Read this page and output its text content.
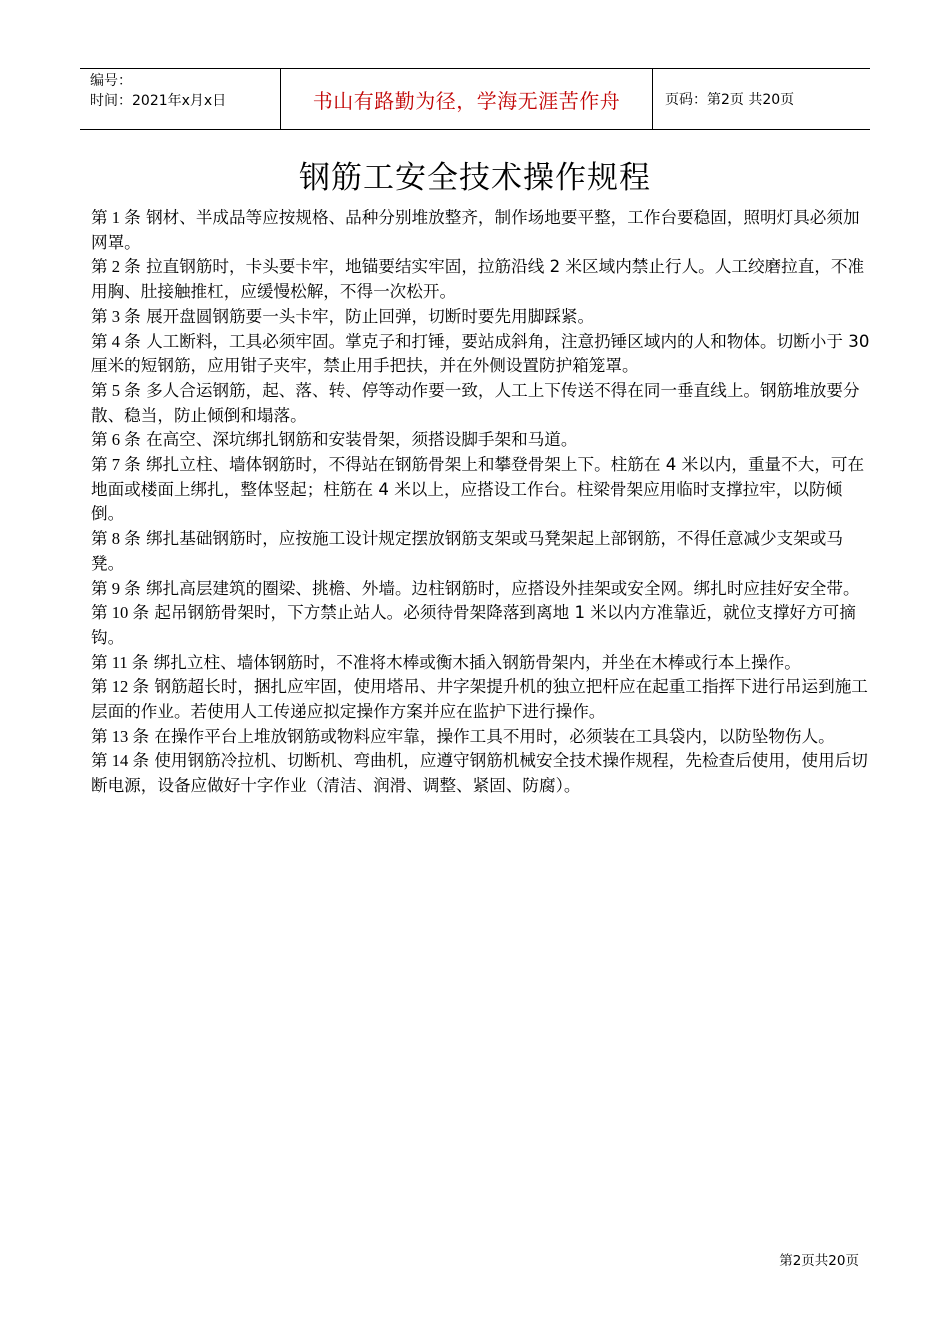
编号：
时间：2021年x月x日	书山有路勤为径，学海无涯苦作舟	页码：第2页 共20页
钢筋工安全技术操作规程

第 1 条 钢材、半成品等应按规格、品种分别堆放整齐，制作场地要平整，工作台要稳固，照明灯具必须加网罩。

第 2 条 拉直钢筋时，卡头要卡牢，地锚要结实牢固，拉筋沿线 2 米区域内禁止行人。人工绞磨拉直，不准用胸、肚接触推杠，应缓慢松解，不得一次松开。

第 3 条 展开盘圆钢筋要一头卡牢，防止回弹，切断时要先用脚踩紧。

第 4 条 人工断料，工具必须牢固。掌克子和打锤，要站成斜角，注意扔锤区域内的人和物体。切断小于 30 厘米的短钢筋，应用钳子夹牢，禁止用手把扶，并在外侧设置防护箱笼罩。

第 5 条 多人合运钢筋，起、落、转、停等动作要一致，人工上下传送不得在同一垂直线上。钢筋堆放要分散、稳当，防止倾倒和塌落。

第 6 条 在高空、深坑绑扎钢筋和安装骨架，须搭设脚手架和马道。

第 7 条 绑扎立柱、墙体钢筋时，不得站在钢筋骨架上和攀登骨架上下。柱筋在 4 米以内，重量不大，可在地面或楼面上绑扎，整体竖起；柱筋在 4 米以上，应搭设工作台。柱梁骨架应用临时支撑拉牢，以防倾倒。

第 8 条 绑扎基础钢筋时，应按施工设计规定摆放钢筋支架或马凳架起上部钢筋，不得任意减少支架或马凳。

第 9 条 绑扎高层建筑的圈梁、挑檐、外墙。边柱钢筋时，应搭设外挂架或安全网。绑扎时应挂好安全带。

第 10 条 起吊钢筋骨架时，下方禁止站人。必须待骨架降落到离地 1 米以内方准靠近，就位支撑好方可摘钩。

第 11 条 绑扎立柱、墙体钢筋时，不准将木棒或衡木插入钢筋骨架内，并坐在木棒或行本上操作。

第 12 条 钢筋超长时，捆扎应牢固，使用塔吊、井字架提升机的独立把杆应在起重工指挥下进行吊运到施工层面的作业。若使用人工传递应拟定操作方案并应在监护下进行操作。

第 13 条 在操作平台上堆放钢筋或物料应牢靠，操作工具不用时，必须装在工具袋内，以防坠物伤人。

第 14 条 使用钢筋冷拉机、切断机、弯曲机，应遵守钢筋机械安全技术操作规程，先检查后使用，使用后切断电源，设备应做好十字作业（清洁、润滑、调整、紧固、防腐）。

第2页共20页
